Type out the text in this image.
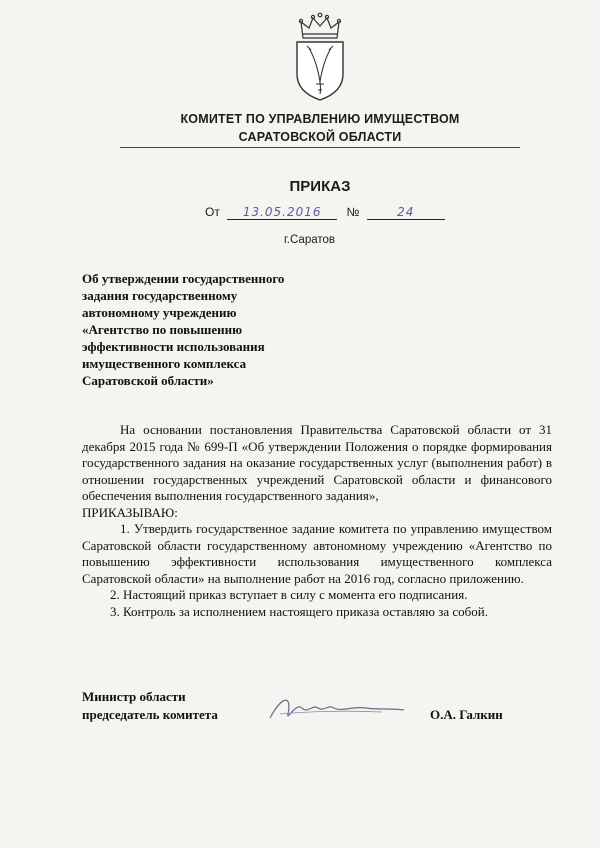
КОМИТЕТ ПО УПРАВЛЕНИЮ ИМУЩЕСТВОМ
САРАТОВСКОЙ ОБЛАСТИ
ПРИКАЗ
От 13.05.2016 №	24
г.Саратов
Об утверждении государственного
задания государственному
автономному учреждению
«Агентство по повышению
эффективности использования
имущественного комплекса
Саратовской области»

На основании постановления Правительства Саратовской области от 31 декабря 2015 года № 699-П «Об утверждении Положения о порядке формирования государственного задания на оказание государственных услуг (выполнения работ) в отношении государственных учреждений Саратовской области и финансового обеспечения выполнения государственного задания»,

ПРИКАЗЫВАЮ:

1. Утвердить государственное задание комитета по управлению имуществом Саратовской области государственному автономному учреждению «Агентство по повышению эффективности использования имущественного комплекса Саратовской области» на выполнение работ на 2016 год, согласно приложению.

2. Настоящий приказ вступает в силу с момента его подписания.

3. Контроль за исполнением настоящего приказа оставляю за собой.

Министр области
председатель комитета	О.А. Галкин
